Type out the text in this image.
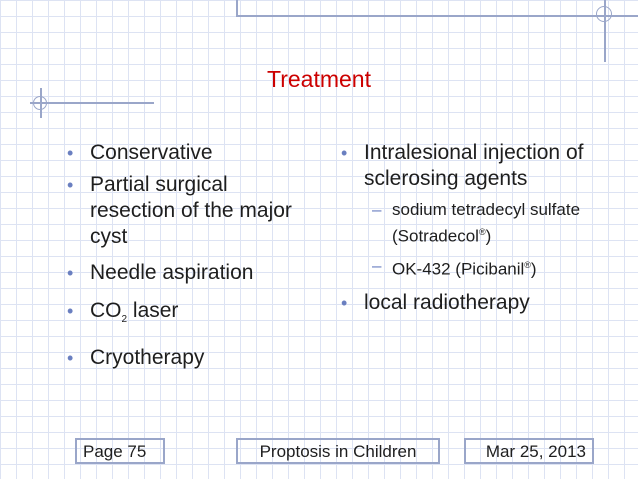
Treatment
• Conservative
• Partial surgical resection of the major cyst
• Needle aspiration
• $CO_2$ laser
• Cryotherapy
• Intralesional injection of sclerosing agents
– sodium tetradecyl sulfate (Sotradecol®)
– OK-432 (Picibanil®)
• local radiotherapy
Page 75	Proptosis in Children	Mar 25, 2013
